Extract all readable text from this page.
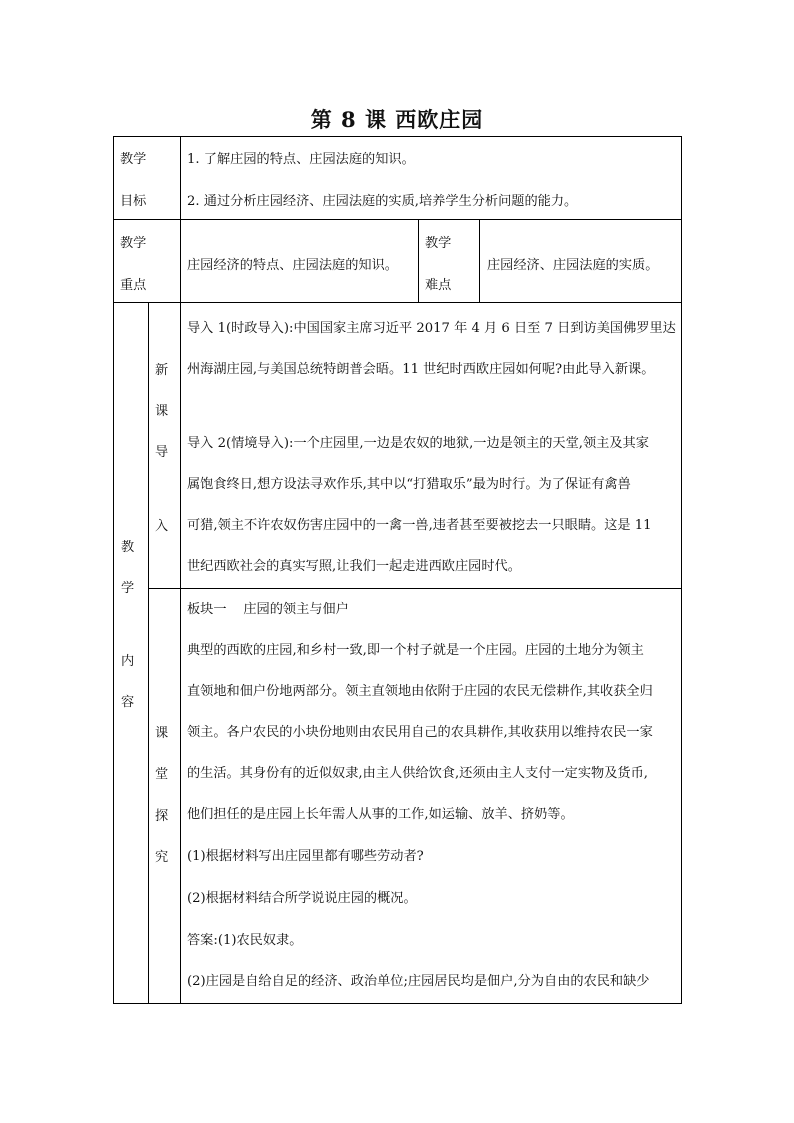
第 8 课 西欧庄园
教学
目标
1. 了解庄园的特点、庄园法庭的知识。
2. 通过分析庄园经济、庄园法庭的实质,培养学生分析问题的能力。
教学
重点
庄园经济的特点、庄园法庭的知识。
教学
难点
庄园经济、庄园法庭的实质。
教
学
内
容
新
课
导
入
导入 1(时政导入):中国国家主席习近平 2017 年 4 月 6 日至 7 日到访美国佛罗里达
州海湖庄园,与美国总统特朗普会晤。11 世纪时西欧庄园如何呢?由此导入新课。
导入 2(情境导入):一个庄园里,一边是农奴的地狱,一边是领主的天堂,领主及其家
属饱食终日,想方设法寻欢作乐,其中以“打猎取乐”最为时行。为了保证有禽兽
可猎,领主不许农奴伤害庄园中的一禽一兽,违者甚至要被挖去一只眼睛。这是 11
世纪西欧社会的真实写照,让我们一起走进西欧庄园时代。
课
堂
探
究
板块一    庄园的领主与佃户
典型的西欧的庄园,和乡村一致,即一个村子就是一个庄园。庄园的土地分为领主
直领地和佃户份地两部分。领主直领地由依附于庄园的农民无偿耕作,其收获全归
领主。各户农民的小块份地则由农民用自己的农具耕作,其收获用以维持农民一家
的生活。其身份有的近似奴隶,由主人供给饮食,还须由主人支付一定实物及货币,
他们担任的是庄园上长年需人从事的工作,如运输、放羊、挤奶等。
(1)根据材料写出庄园里都有哪些劳动者?
(2)根据材料结合所学说说庄园的概况。
答案:(1)农民奴隶。
(2)庄园是自给自足的经济、政治单位;庄园居民均是佃户,分为自由的农民和缺少
